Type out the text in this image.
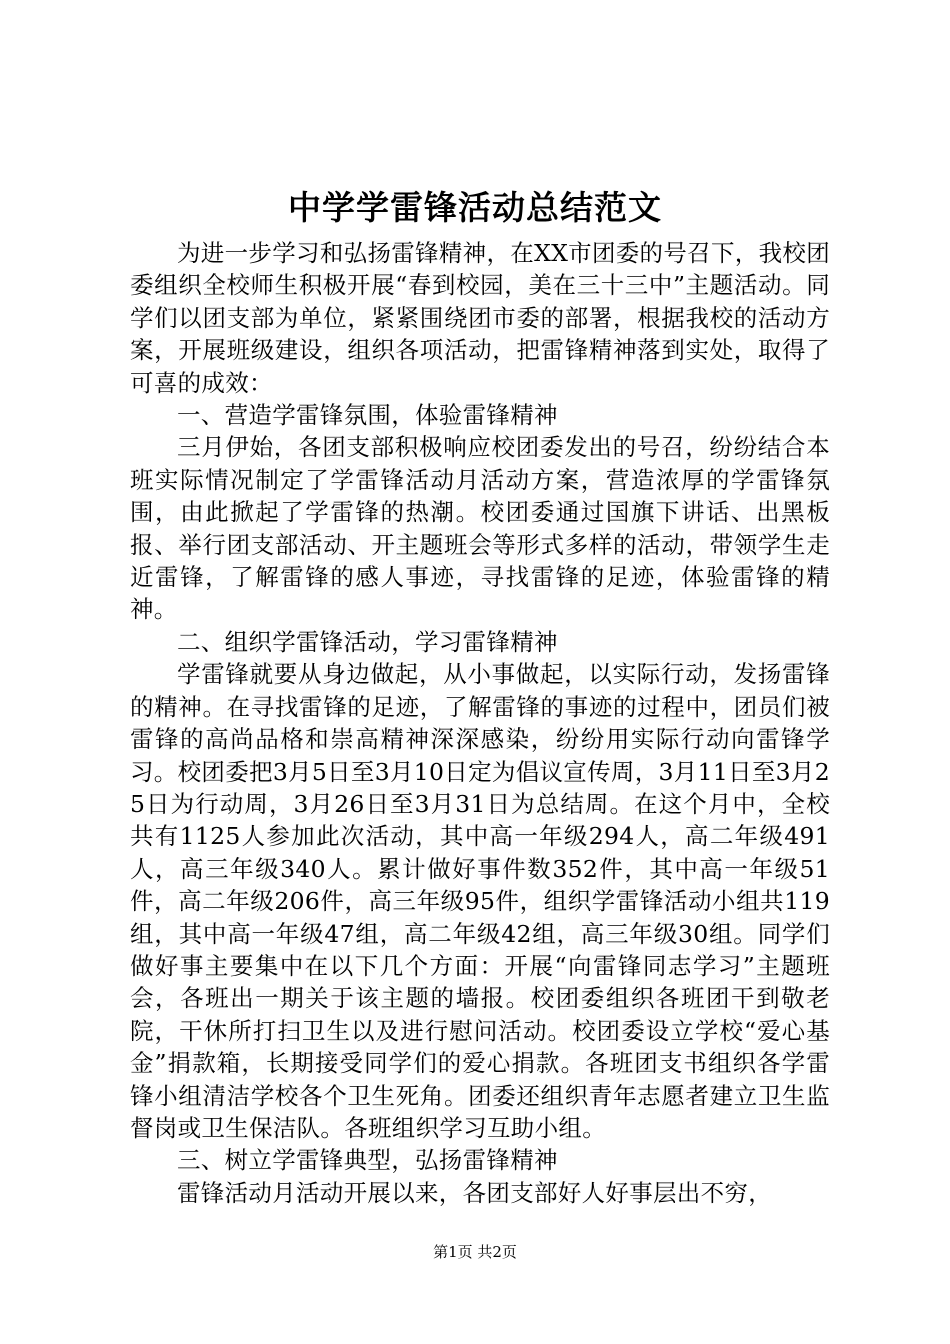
中学学雷锋活动总结范文

为进一步学习和弘扬雷锋精神，在XX市团委的号召下，我校团委组织全校师生积极开展“春到校园，美在三十三中”主题活动。同学们以团支部为单位，紧紧围绕团市委的部署，根据我校的活动方案，开展班级建设，组织各项活动，把雷锋精神落到实处，取得了可喜的成效：

一、营造学雷锋氛围，体验雷锋精神

三月伊始，各团支部积极响应校团委发出的号召，纷纷结合本班实际情况制定了学雷锋活动月活动方案，营造浓厚的学雷锋氛围，由此掀起了学雷锋的热潮。校团委通过国旗下讲话、出黑板报、举行团支部活动、开主题班会等形式多样的活动，带领学生走近雷锋，了解雷锋的感人事迹，寻找雷锋的足迹，体验雷锋的精神。

二、组织学雷锋活动，学习雷锋精神

学雷锋就要从身边做起，从小事做起，以实际行动，发扬雷锋的精神。在寻找雷锋的足迹，了解雷锋的事迹的过程中，团员们被雷锋的高尚品格和崇高精神深深感染，纷纷用实际行动向雷锋学习。校团委把3月5日至3月10日定为倡议宣传周，3月11日至3月25日为行动周，3月26日至3月31日为总结周。在这个月中，全校共有1125人参加此次活动，其中高一年级294人，高二年级491人，高三年级340人。累计做好事件数352件，其中高一年级51件，高二年级206件，高三年级95件，组织学雷锋活动小组共119组，其中高一年级47组，高二年级42组，高三年级30组。同学们做好事主要集中在以下几个方面：开展“向雷锋同志学习”主题班会，各班出一期关于该主题的墙报。校团委组织各班团干到敬老院，干休所打扫卫生以及进行慰问活动。校团委设立学校“爱心基金”捐款箱，长期接受同学们的爱心捐款。各班团支书组织各学雷锋小组清洁学校各个卫生死角。团委还组织青年志愿者建立卫生监督岗或卫生保洁队。各班组织学习互助小组。

三、树立学雷锋典型，弘扬雷锋精神

雷锋活动月活动开展以来，各团支部好人好事层出不穷，

第1页 共2页
